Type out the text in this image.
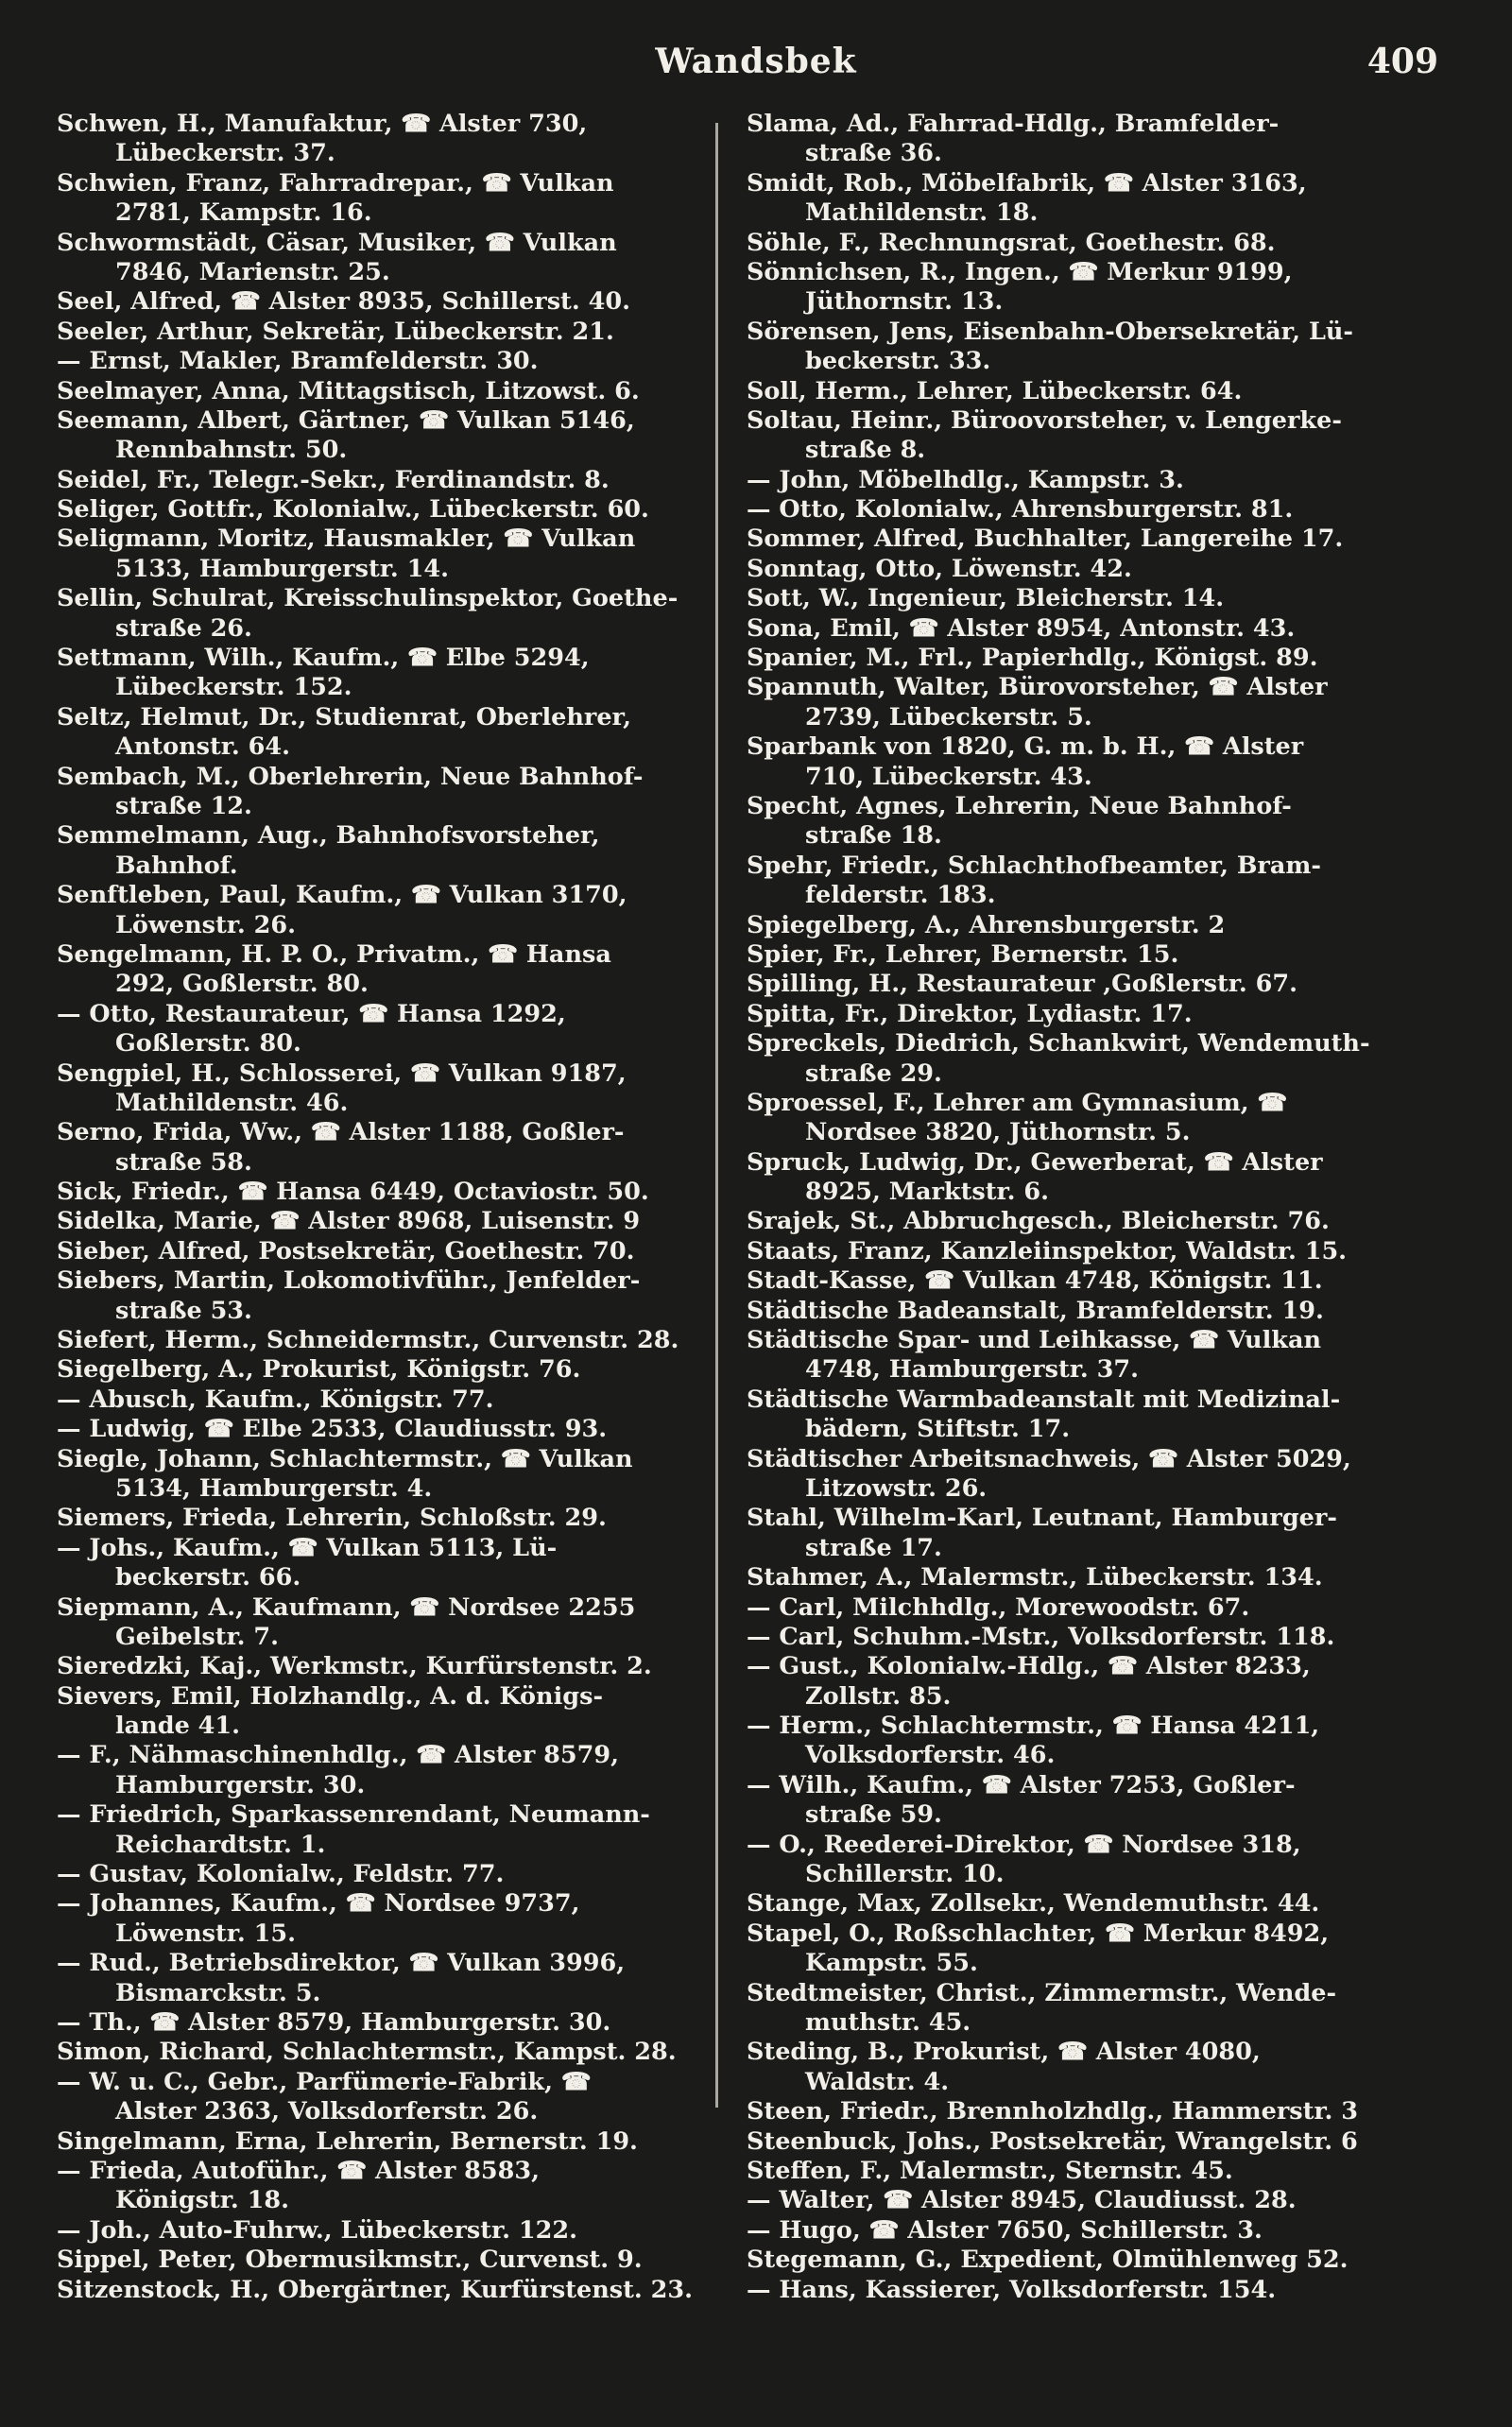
Wandsbek	409
Schwen, H., Manufaktur, ☎ Alster 730,
Lübeckerstr. 37.
Schwien, Franz, Fahrradrepar., ☎ Vulkan
2781, Kampstr. 16.
Schwormstädt, Cäsar, Musiker, ☎ Vulkan
7846, Marienstr. 25.
Seel, Alfred, ☎ Alster 8935, Schillerst. 40.
Seeler, Arthur, Sekretär, Lübeckerstr. 21.
— Ernst, Makler, Bramfelderstr. 30.
Seelmayer, Anna, Mittagstisch, Litzowst. 6.
Seemann, Albert, Gärtner, ☎ Vulkan 5146,
Rennbahnstr. 50.
Seidel, Fr., Telegr.-Sekr., Ferdinandstr. 8.
Seliger, Gottfr., Kolonialw., Lübeckerstr. 60.
Seligmann, Moritz, Hausmakler, ☎ Vulkan
5133, Hamburgerstr. 14.
Sellin, Schulrat, Kreisschulinspektor, Goethe-
straße 26.
Settmann, Wilh., Kaufm., ☎ Elbe 5294,
Lübeckerstr. 152.
Seltz, Helmut, Dr., Studienrat, Oberlehrer,
Antonstr. 64.
Sembach, M., Oberlehrerin, Neue Bahnhof-
straße 12.
Semmelmann, Aug., Bahnhofsvorsteher,
Bahnhof.
Senftleben, Paul, Kaufm., ☎ Vulkan 3170,
Löwenstr. 26.
Sengelmann, H. P. O., Privatm., ☎ Hansa
292, Goßlerstr. 80.
— Otto, Restaurateur, ☎ Hansa 1292,
Goßlerstr. 80.
Sengpiel, H., Schlosserei, ☎ Vulkan 9187,
Mathildenstr. 46.
Serno, Frida, Ww., ☎ Alster 1188, Goßler-
straße 58.
Sick, Friedr., ☎ Hansa 6449, Octaviostr. 50.
Sidelka, Marie, ☎ Alster 8968, Luisenstr. 9
Sieber, Alfred, Postsekretär, Goethestr. 70.
Siebers, Martin, Lokomotivführ., Jenfelder-
straße 53.
Siefert, Herm., Schneidermstr., Curvenstr. 28.
Siegelberg, A., Prokurist, Königstr. 76.
— Abusch, Kaufm., Königstr. 77.
— Ludwig, ☎ Elbe 2533, Claudiusstr. 93.
Siegle, Johann, Schlachtermstr., ☎ Vulkan
5134, Hamburgerstr. 4.
Siemers, Frieda, Lehrerin, Schloßstr. 29.
— Johs., Kaufm., ☎ Vulkan 5113, Lü-
beckerstr. 66.
Siepmann, A., Kaufmann, ☎ Nordsee 2255
Geibelstr. 7.
Sieredzki, Kaj., Werkmstr., Kurfürstenstr. 2.
Sievers, Emil, Holzhandlg., A. d. Königs-
lande 41.
— F., Nähmaschinenhdlg., ☎ Alster 8579,
Hamburgerstr. 30.
— Friedrich, Sparkassenrendant, Neumann-
Reichardtstr. 1.
— Gustav, Kolonialw., Feldstr. 77.
— Johannes, Kaufm., ☎ Nordsee 9737,
Löwenstr. 15.
— Rud., Betriebsdirektor, ☎ Vulkan 3996,
Bismarckstr. 5.
— Th., ☎ Alster 8579, Hamburgerstr. 30.
Simon, Richard, Schlachtermstr., Kampst. 28.
— W. u. C., Gebr., Parfümerie-Fabrik, ☎
Alster 2363, Volksdorferstr. 26.
Singelmann, Erna, Lehrerin, Bernerstr. 19.
— Frieda, Autoführ., ☎ Alster 8583,
Königstr. 18.
— Joh., Auto-Fuhrw., Lübeckerstr. 122.
Sippel, Peter, Obermusikmstr., Curvenst. 9.
Sitzenstock, H., Obergärtner, Kurfürstenst. 23.
Slama, Ad., Fahrrad-Hdlg., Bramfelder-
straße 36.
Smidt, Rob., Möbelfabrik, ☎ Alster 3163,
Mathildenstr. 18.
Söhle, F., Rechnungsrat, Goethestr. 68.
Sönnichsen, R., Ingen., ☎ Merkur 9199,
Jüthornstr. 13.
Sörensen, Jens, Eisenbahn-Obersekretär, Lü-
beckerstr. 33.
Soll, Herm., Lehrer, Lübeckerstr. 64.
Soltau, Heinr., Büroovorsteher, v. Lengerke-
straße 8.
— John, Möbelhdlg., Kampstr. 3.
— Otto, Kolonialw., Ahrensburgerstr. 81.
Sommer, Alfred, Buchhalter, Langereihe 17.
Sonntag, Otto, Löwenstr. 42.
Sott, W., Ingenieur, Bleicherstr. 14.
Sona, Emil, ☎ Alster 8954, Antonstr. 43.
Spanier, M., Frl., Papierhdlg., Königst. 89.
Spannuth, Walter, Bürovorsteher, ☎ Alster
2739, Lübeckerstr. 5.
Sparbank von 1820, G. m. b. H., ☎ Alster
710, Lübeckerstr. 43.
Specht, Agnes, Lehrerin, Neue Bahnhof-
straße 18.
Spehr, Friedr., Schlachthofbeamter, Bram-
felderstr. 183.
Spiegelberg, A., Ahrensburgerstr. 2
Spier, Fr., Lehrer, Bernerstr. 15.
Spilling, H., Restaurateur ,Goßlerstr. 67.
Spitta, Fr., Direktor, Lydiastr. 17.
Spreckels, Diedrich, Schankwirt, Wendemuth-
straße 29.
Sproessel, F., Lehrer am Gymnasium, ☎
Nordsee 3820, Jüthornstr. 5.
Spruck, Ludwig, Dr., Gewerberat, ☎ Alster
8925, Marktstr. 6.
Srajek, St., Abbruchgesch., Bleicherstr. 76.
Staats, Franz, Kanzleiinspektor, Waldstr. 15.
Stadt-Kasse, ☎ Vulkan 4748, Königstr. 11.
Städtische Badeanstalt, Bramfelderstr. 19.
Städtische Spar- und Leihkasse, ☎ Vulkan
4748, Hamburgerstr. 37.
Städtische Warmbadeanstalt mit Medizinal-
bädern, Stiftstr. 17.
Städtischer Arbeitsnachweis, ☎ Alster 5029,
Litzowstr. 26.
Stahl, Wilhelm-Karl, Leutnant, Hamburger-
straße 17.
Stahmer, A., Malermstr., Lübeckerstr. 134.
— Carl, Milchhdlg., Morewoodstr. 67.
— Carl, Schuhm.-Mstr., Volksdorferstr. 118.
— Gust., Kolonialw.-Hdlg., ☎ Alster 8233,
Zollstr. 85.
— Herm., Schlachtermstr., ☎ Hansa 4211,
Volksdorferstr. 46.
— Wilh., Kaufm., ☎ Alster 7253, Goßler-
straße 59.
— O., Reederei-Direktor, ☎ Nordsee 318,
Schillerstr. 10.
Stange, Max, Zollsekr., Wendemuthstr. 44.
Stapel, O., Roßschlachter, ☎ Merkur 8492,
Kampstr. 55.
Stedtmeister, Christ., Zimmermstr., Wende-
muthstr. 45.
Steding, B., Prokurist, ☎ Alster 4080,
Waldstr. 4.
Steen, Friedr., Brennholzhdlg., Hammerstr. 3
Steenbuck, Johs., Postsekretär, Wrangelstr. 6
Steffen, F., Malermstr., Sternstr. 45.
— Walter, ☎ Alster 8945, Claudiusst. 28.
— Hugo, ☎ Alster 7650, Schillerstr. 3.
Stegemann, G., Expedient, Olmühlenweg 52.
— Hans, Kassierer, Volksdorferstr. 154.
